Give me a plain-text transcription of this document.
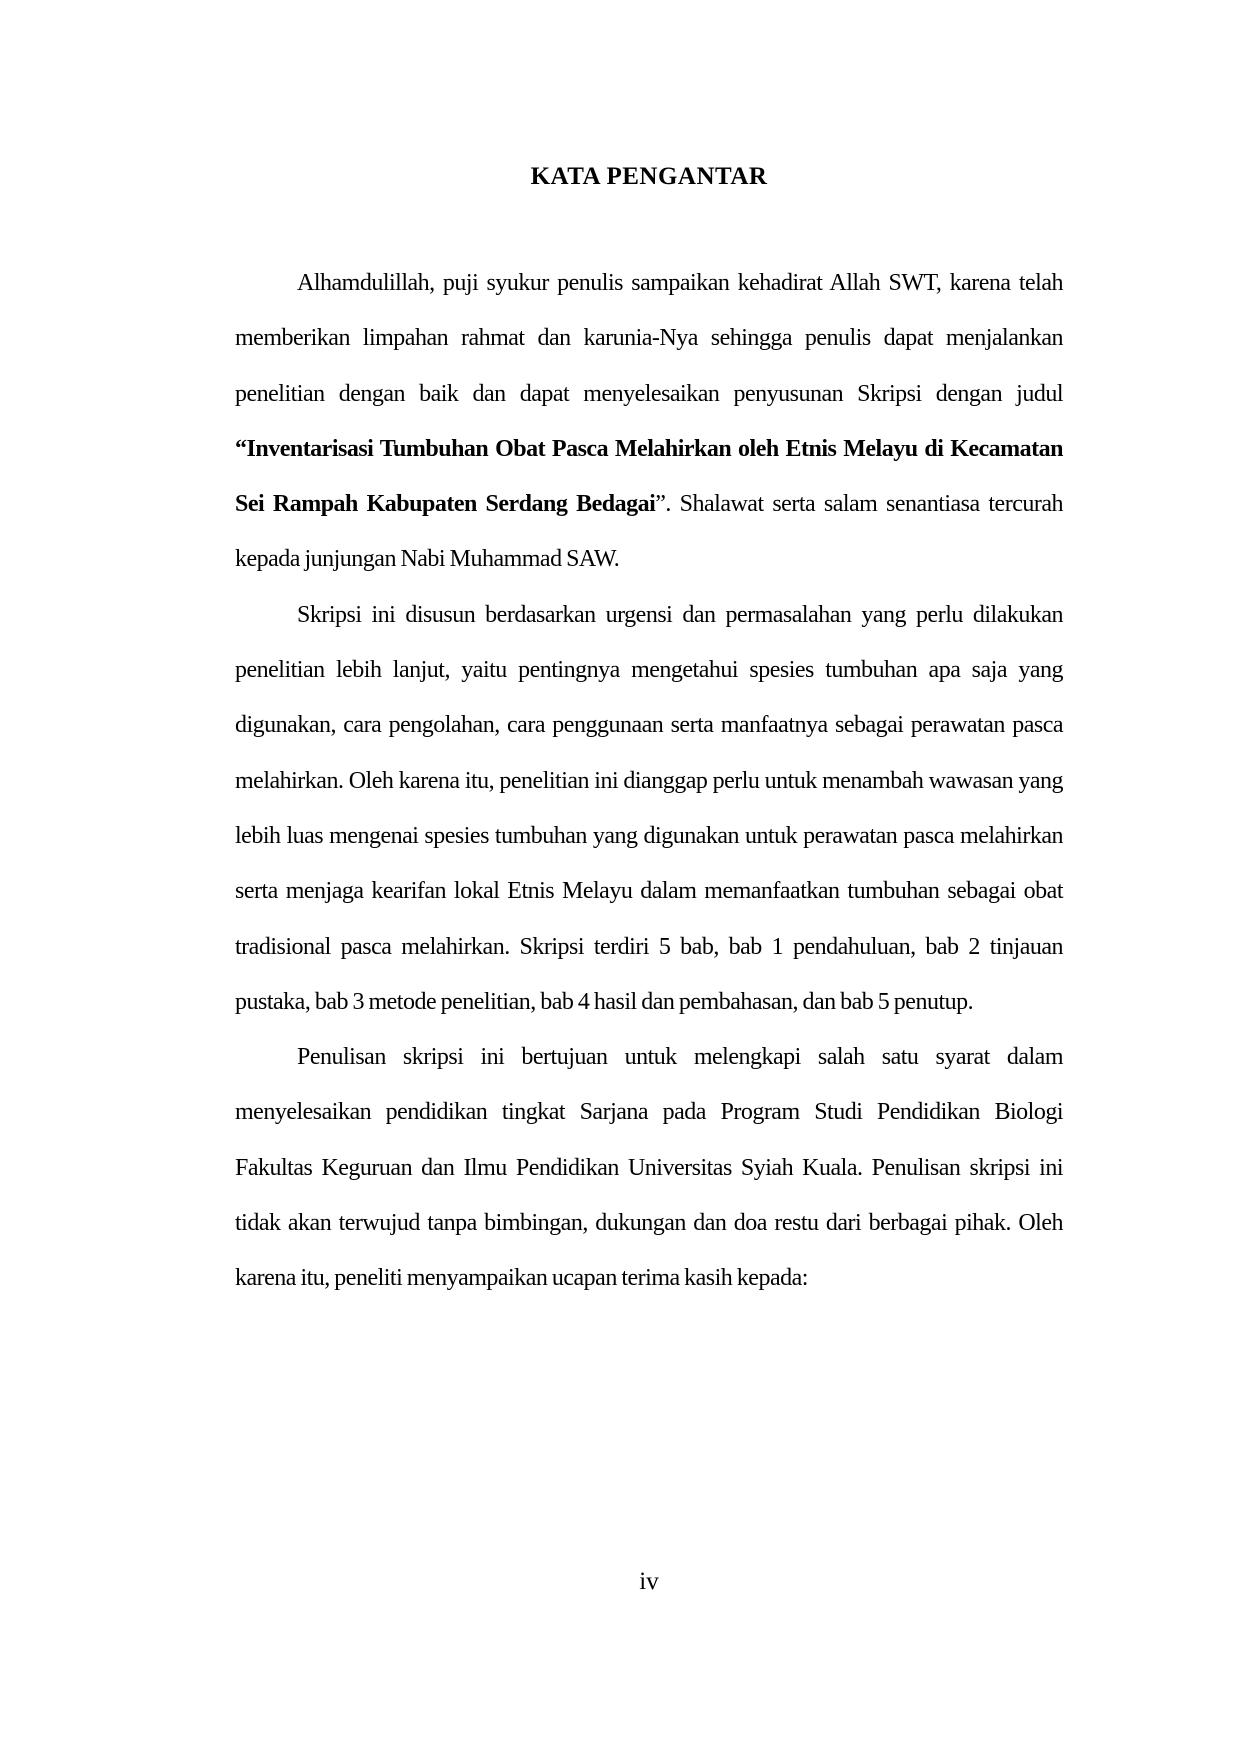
KATA PENGANTAR

Alhamdulillah, puji syukur penulis sampaikan kehadirat Allah SWT, karena telah memberikan limpahan rahmat dan karunia-Nya sehingga penulis dapat menjalankan penelitian dengan baik dan dapat menyelesaikan penyusunan Skripsi dengan judul “Inventarisasi Tumbuhan Obat Pasca Melahirkan oleh Etnis Melayu di Kecamatan Sei Rampah Kabupaten Serdang Bedagai”. Shalawat serta salam senantiasa tercurah kepada junjungan Nabi Muhammad SAW.

Skripsi ini disusun berdasarkan urgensi dan permasalahan yang perlu dilakukan penelitian lebih lanjut, yaitu pentingnya mengetahui spesies tumbuhan apa saja yang digunakan, cara pengolahan, cara penggunaan serta manfaatnya sebagai perawatan pasca melahirkan. Oleh karena itu, penelitian ini dianggap perlu untuk menambah wawasan yang lebih luas mengenai spesies tumbuhan yang digunakan untuk perawatan pasca melahirkan serta menjaga kearifan lokal Etnis Melayu dalam memanfaatkan tumbuhan sebagai obat tradisional pasca melahirkan. Skripsi terdiri 5 bab, bab 1 pendahuluan, bab 2 tinjauan pustaka, bab 3 metode penelitian, bab 4 hasil dan pembahasan, dan bab 5 penutup.

Penulisan skripsi ini bertujuan untuk melengkapi salah satu syarat dalam menyelesaikan pendidikan tingkat Sarjana pada Program Studi Pendidikan Biologi Fakultas Keguruan dan Ilmu Pendidikan Universitas Syiah Kuala. Penulisan skripsi ini tidak akan terwujud tanpa bimbingan, dukungan dan doa restu dari berbagai pihak. Oleh karena itu, peneliti menyampaikan ucapan terima kasih kepada:

iv
